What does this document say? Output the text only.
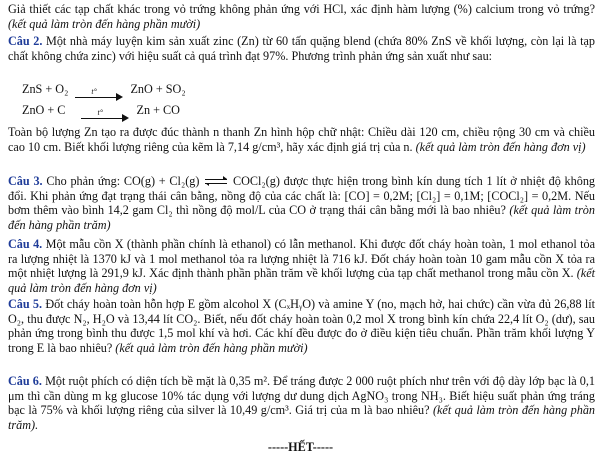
Giả thiết các tạp chất khác trong vỏ trứng không phản ứng với HCl, xác định hàm lượng (%) calcium trong vỏ trứng? (kết quả làm tròn đến hàng phần mười)
Câu 2. Một nhà máy luyện kim sản xuất zinc (Zn) từ 60 tấn quặng blend (chứa 80% ZnS về khối lượng, còn lại là tạp chất không chứa zinc) với hiệu suất cả quá trình đạt 97%. Phương trình phản ứng sản xuất như sau:
ZnS + O₂	t°	ZnO + SO₂
ZnO + C	t°	Zn + CO
Toàn bộ lượng Zn tạo ra được đúc thành n thanh Zn hình hộp chữ nhật: Chiều dài 120 cm, chiều rộng 30 cm và chiều cao 10 cm. Biết khối lượng riêng của kẽm là 7,14 g/cm³, hãy xác định giá trị của n. (kết quả làm tròn đến hàng đơn vị)
Câu 3. Cho phản ứng: CO(g) + Cl₂(g) ⇌ COCl₂(g) được thực hiện trong bình kín dung tích 1 lít ở nhiệt độ không đổi. Khi phản ứng đạt trạng thái cân bằng, nồng độ của các chất là: [CO] = 0,2M; [Cl₂] = 0,1M; [COCl₂] = 0,2M. Nếu bơm thêm vào bình 14,2 gam Cl₂ thì nồng độ mol/L của CO ở trạng thái cân bằng mới là bao nhiêu? (kết quả làm tròn đến hàng phần trăm)
Câu 4. Một mẫu cồn X (thành phần chính là ethanol) có lẫn methanol. Khi được đốt cháy hoàn toàn, 1 mol ethanol tỏa ra lượng nhiệt là 1370 kJ và 1 mol methanol tỏa ra lượng nhiệt là 716 kJ. Đốt cháy hoàn toàn 10 gam mẫu cồn X tỏa ra một nhiệt lượng là 291,9 kJ. Xác định thành phần phần trăm về khối lượng của tạp chất methanol trong mẫu cồn X. (kết quả làm tròn đến hàng đơn vị)
Câu 5. Đốt cháy hoàn toàn hỗn hợp E gồm alcohol X (CₓHᵧO) và amine Y (no, mạch hở, hai chức) cần vừa đủ 26,88 lít O₂, thu được N₂, H₂O và 13,44 lít CO₂. Biết, nếu đốt cháy hoàn toàn 0,2 mol X trong bình kín chứa 22,4 lít O₂ (dư), sau phản ứng trong bình thu được 1,5 mol khí và hơi. Các khí đều được đo ở điều kiện tiêu chuẩn. Phần trăm khối lượng Y trong E là bao nhiêu? (kết quả làm tròn đến hàng phần mười)
Câu 6. Một ruột phích có diện tích bề mặt là 0,35 m². Để tráng được 2 000 ruột phích như trên với độ dày lớp bạc là 0,1 μm thì cần dùng m kg glucose 10% tác dụng với lượng dư dung dịch AgNO₃ trong NH₃. Biết hiệu suất phản ứng tráng bạc là 75% và khối lượng riêng của silver là 10,49 g/cm³. Giá trị của m là bao nhiêu? (kết quả làm tròn đến hàng phần trăm).
-----HẾT-----
